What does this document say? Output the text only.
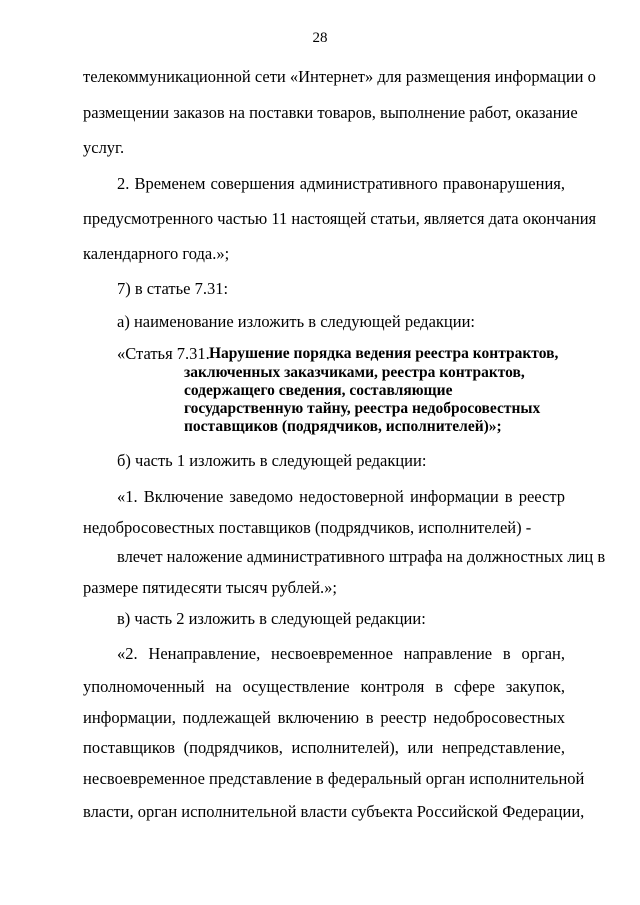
28
телекоммуникационной сети «Интернет» для размещения информации о
размещении заказов на поставки товаров, выполнение работ, оказание
услуг.
2. Временем совершения административного правонарушения,
предусмотренного частью 11 настоящей статьи, является дата окончания
календарного года.»;
7) в статье 7.31:
а) наименование изложить в следующей редакции:
«Статья 7.31. Нарушение порядка ведения реестра контрактов,
заключенных заказчиками, реестра контрактов,
содержащего сведения, составляющие
государственную тайну, реестра недобросовестных
поставщиков (подрядчиков, исполнителей)»;
б) часть 1 изложить в следующей редакции:
«1. Включение заведомо недостоверной информации в реестр
недобросовестных поставщиков (подрядчиков, исполнителей) -
влечет наложение административного штрафа на должностных лиц в
размере пятидесяти тысяч рублей.»;
в) часть 2 изложить в следующей редакции:
«2. Ненаправление, несвоевременное направление в орган,
уполномоченный на осуществление контроля в сфере закупок,
информации, подлежащей включению в реестр недобросовестных
поставщиков (подрядчиков, исполнителей), или непредставление,
несвоевременное представление в федеральный орган исполнительной
власти, орган исполнительной власти субъекта Российской Федерации,
